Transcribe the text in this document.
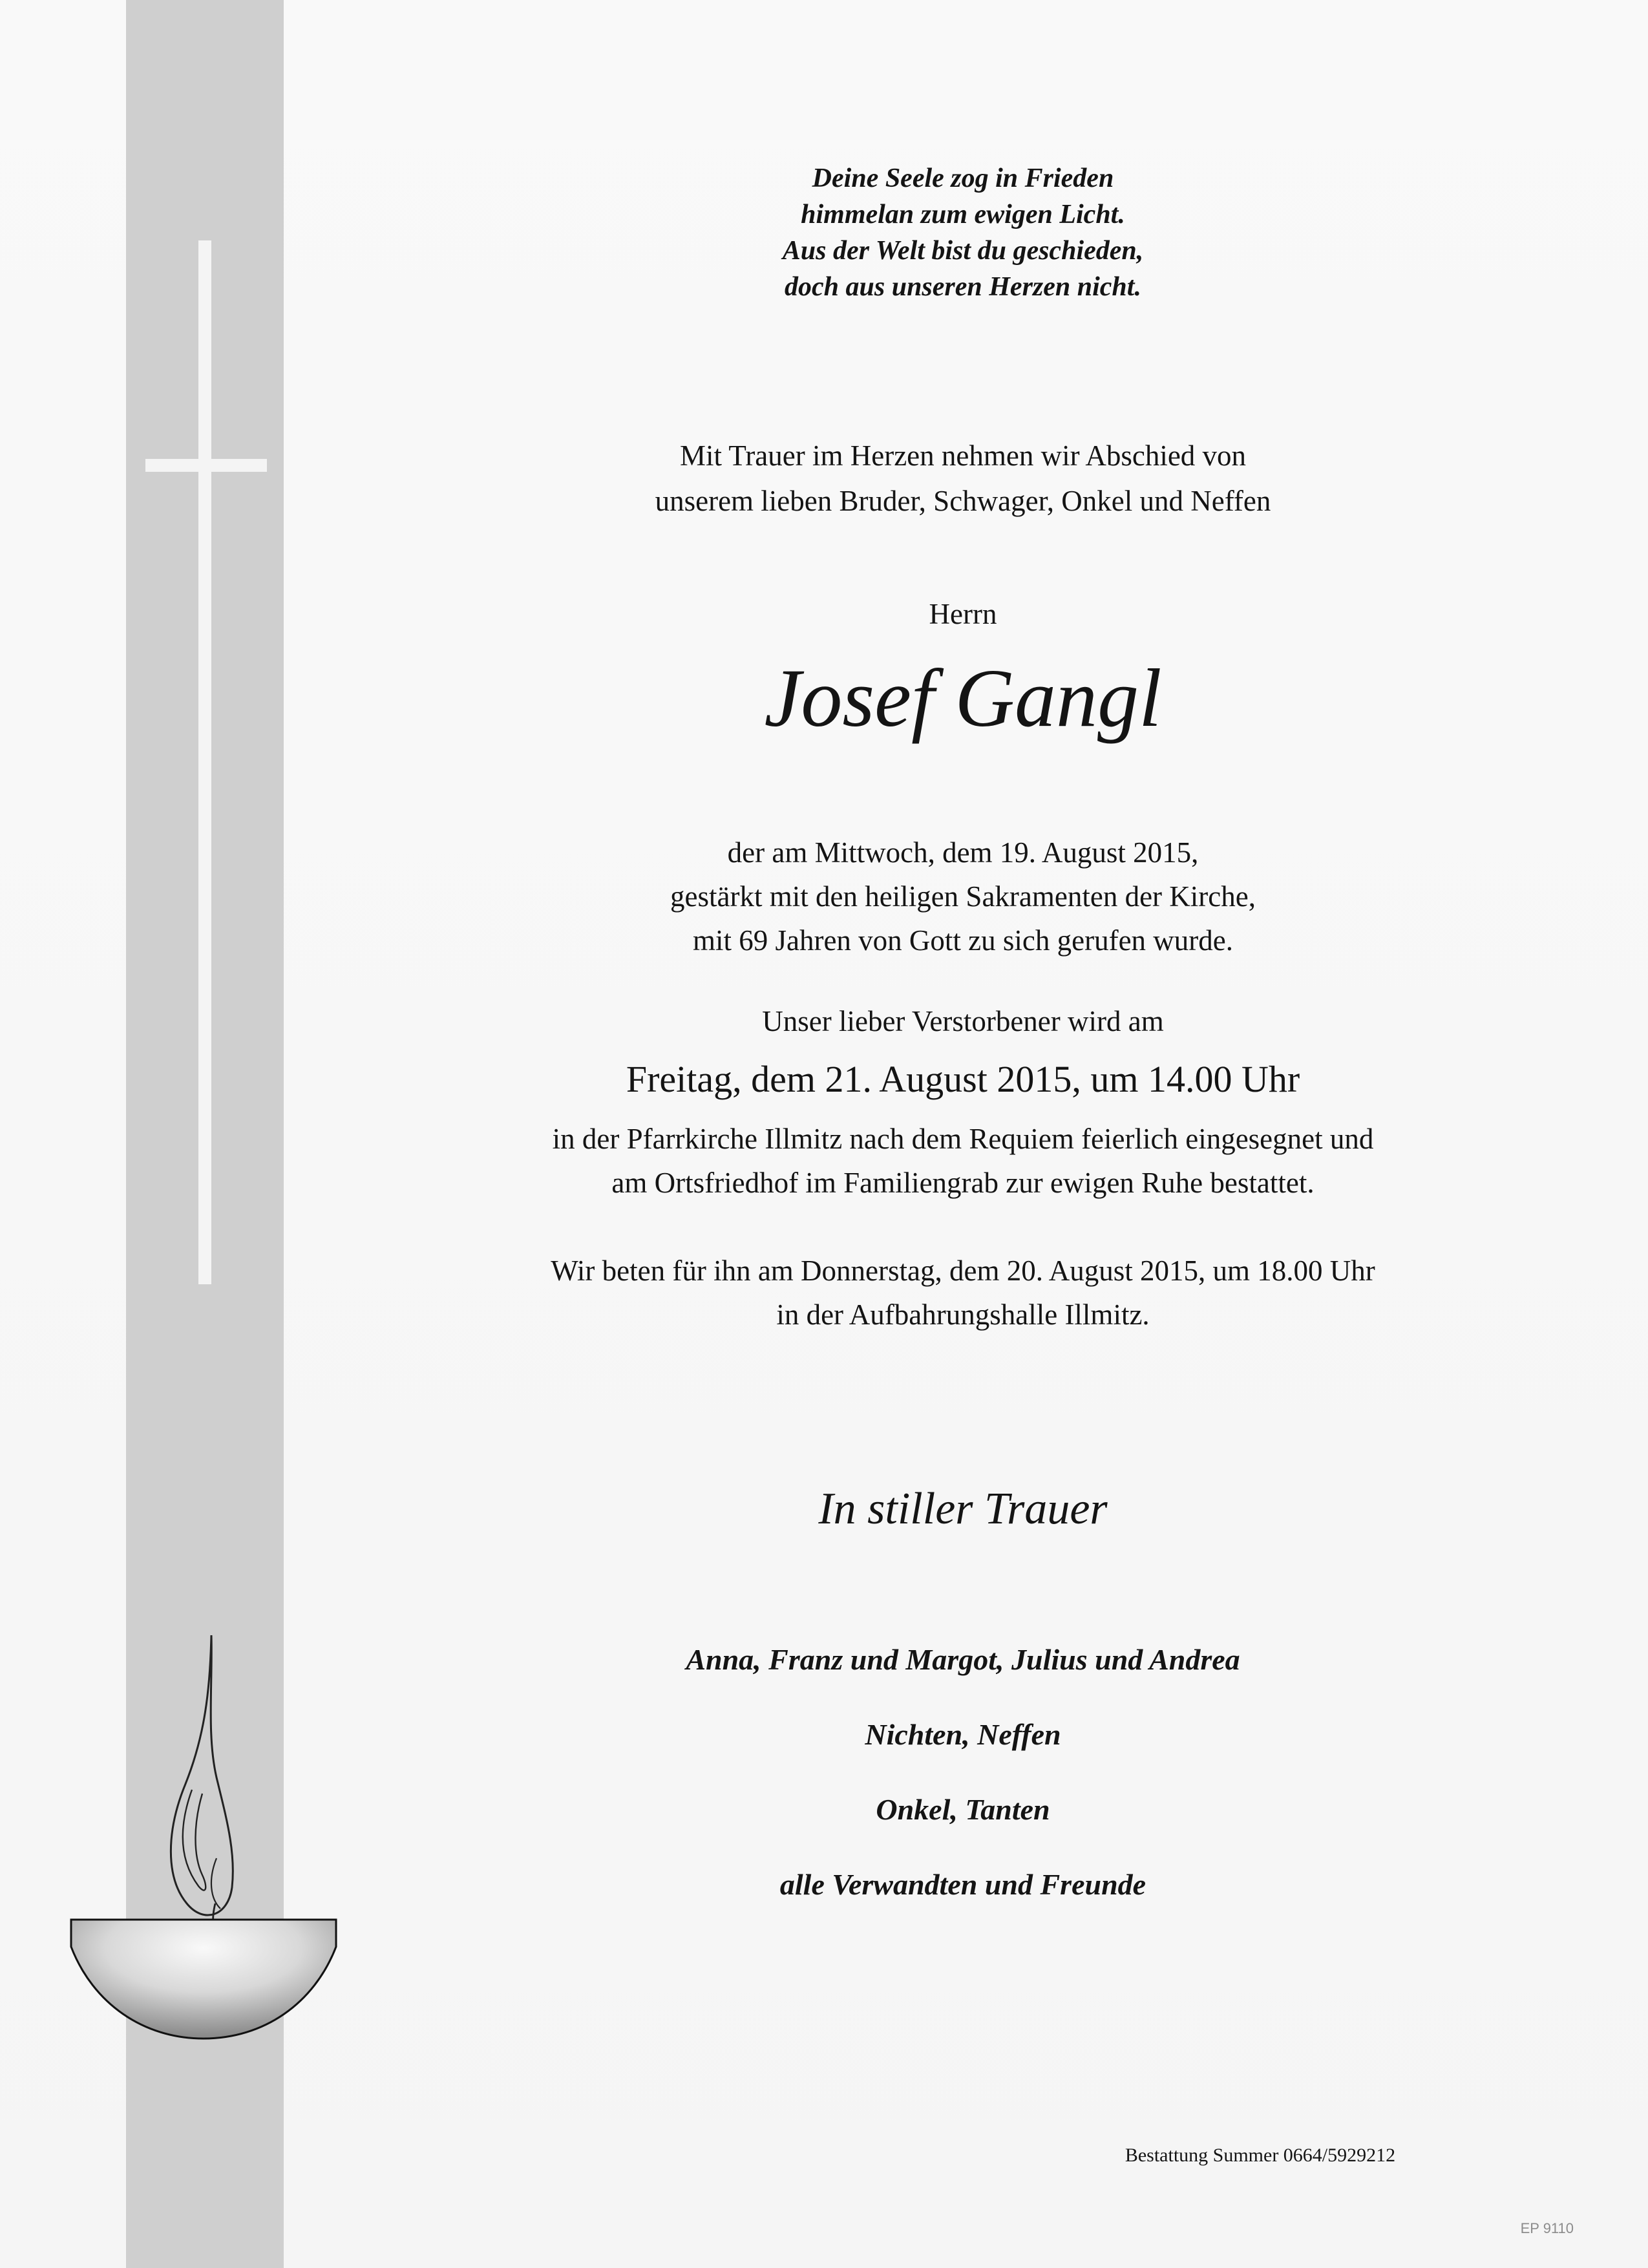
Deine Seele zog in Frieden
himmelan zum ewigen Licht.
Aus der Welt bist du geschieden,
doch aus unseren Herzen nicht.
Mit Trauer im Herzen nehmen wir Abschied von
unserem lieben Bruder, Schwager, Onkel und Neffen
Herrn
Josef Gangl
der am Mittwoch, dem 19. August 2015,
gestärkt mit den heiligen Sakramenten der Kirche,
mit 69 Jahren von Gott zu sich gerufen wurde.
Unser lieber Verstorbener wird am
Freitag, dem 21. August 2015, um 14.00 Uhr
in der Pfarrkirche Illmitz nach dem Requiem feierlich eingesegnet und
am Ortsfriedhof im Familiengrab zur ewigen Ruhe bestattet.
Wir beten für ihn am Donnerstag, dem 20. August 2015, um 18.00 Uhr
in der Aufbahrungshalle Illmitz.
In stiller Trauer
Anna, Franz und Margot, Julius und Andrea
Nichten, Neffen
Onkel, Tanten
alle Verwandten und Freunde
Bestattung Summer 0664/5929212
EP 9110
